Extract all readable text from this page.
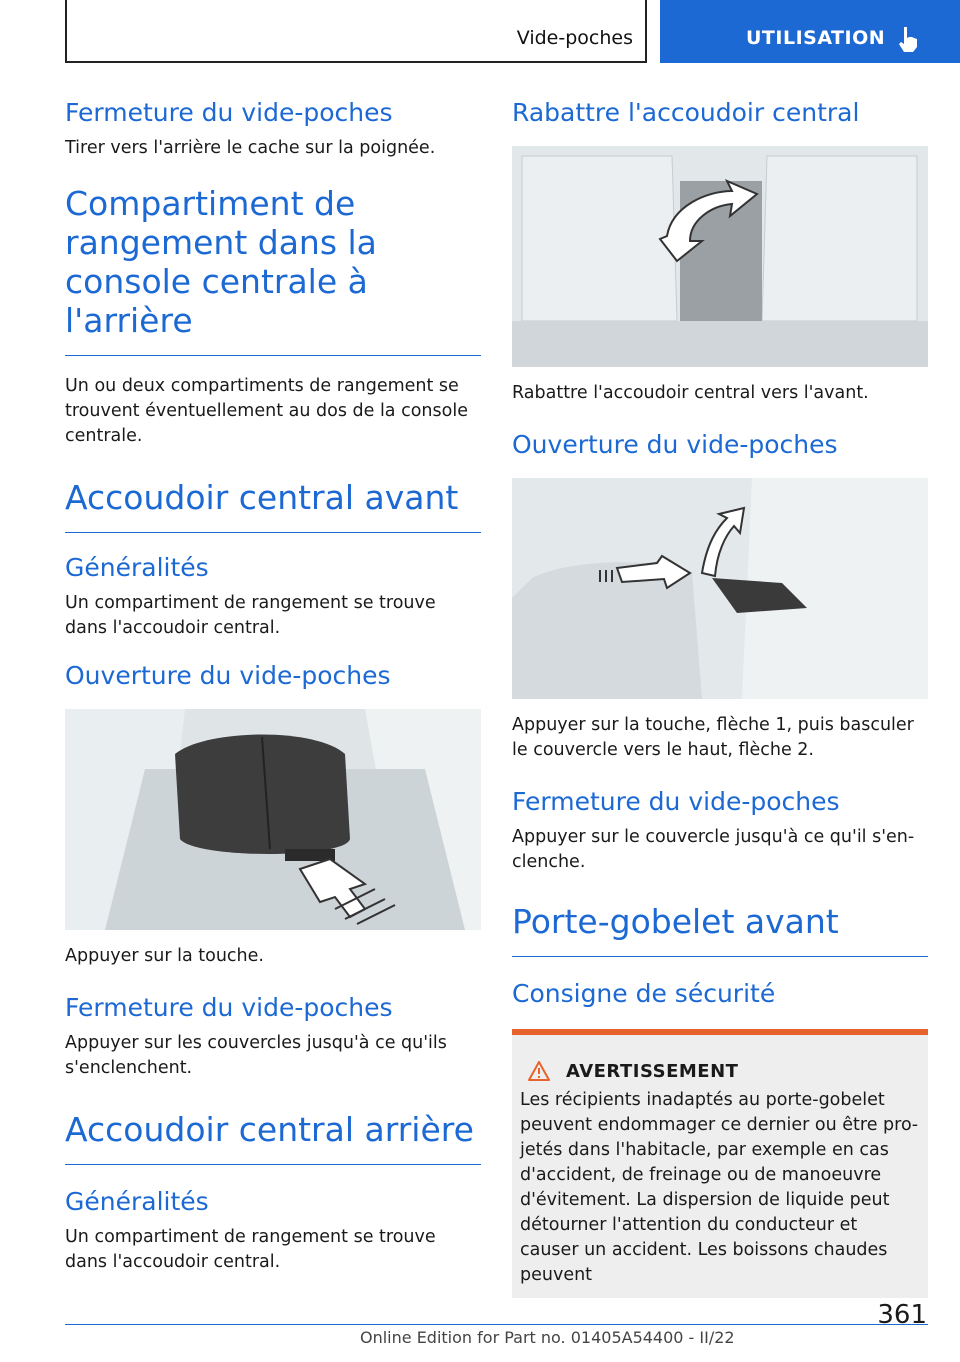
Vide-poches	UTILISATION
Fermeture du vide-poches

Tirer vers l'arrière le cache sur la poignée.

Compartiment de rangement dans la console centrale à l'arrière

Un ou deux compartiments de rangement se trouvent éventuellement au dos de la console centrale.

Accoudoir central avant
Généralités

Un compartiment de rangement se trouve dans l'accoudoir central.

Ouverture du vide-poches

Appuyer sur la touche.

Fermeture du vide-poches

Appuyer sur les couvercles jusqu'à ce qu'ils s'enclenchent.

Accoudoir central arrière
Généralités

Un compartiment de rangement se trouve dans l'accoudoir central.

Rabattre l'accoudoir central

Rabattre l'accoudoir central vers l'avant.

Ouverture du vide-poches

Appuyer sur la touche, flèche 1, puis basculer le couvercle vers le haut, flèche 2.

Fermeture du vide-poches

Appuyer sur le couvercle jusqu'à ce qu'il s'enclenche.

Porte-gobelet avant
Consigne de sécurité
AVERTISSEMENT
Les récipients inadaptés au porte-gobelet peuvent endommager ce dernier ou être projetés dans l'habitacle, par exemple en cas d'accident, de freinage ou de manoeuvre d'évitement. La dispersion de liquide peut détourner l'attention du conducteur et causer un accident. Les boissons chaudes peuvent
361
Online Edition for Part no. 01405A54400 - II/22
